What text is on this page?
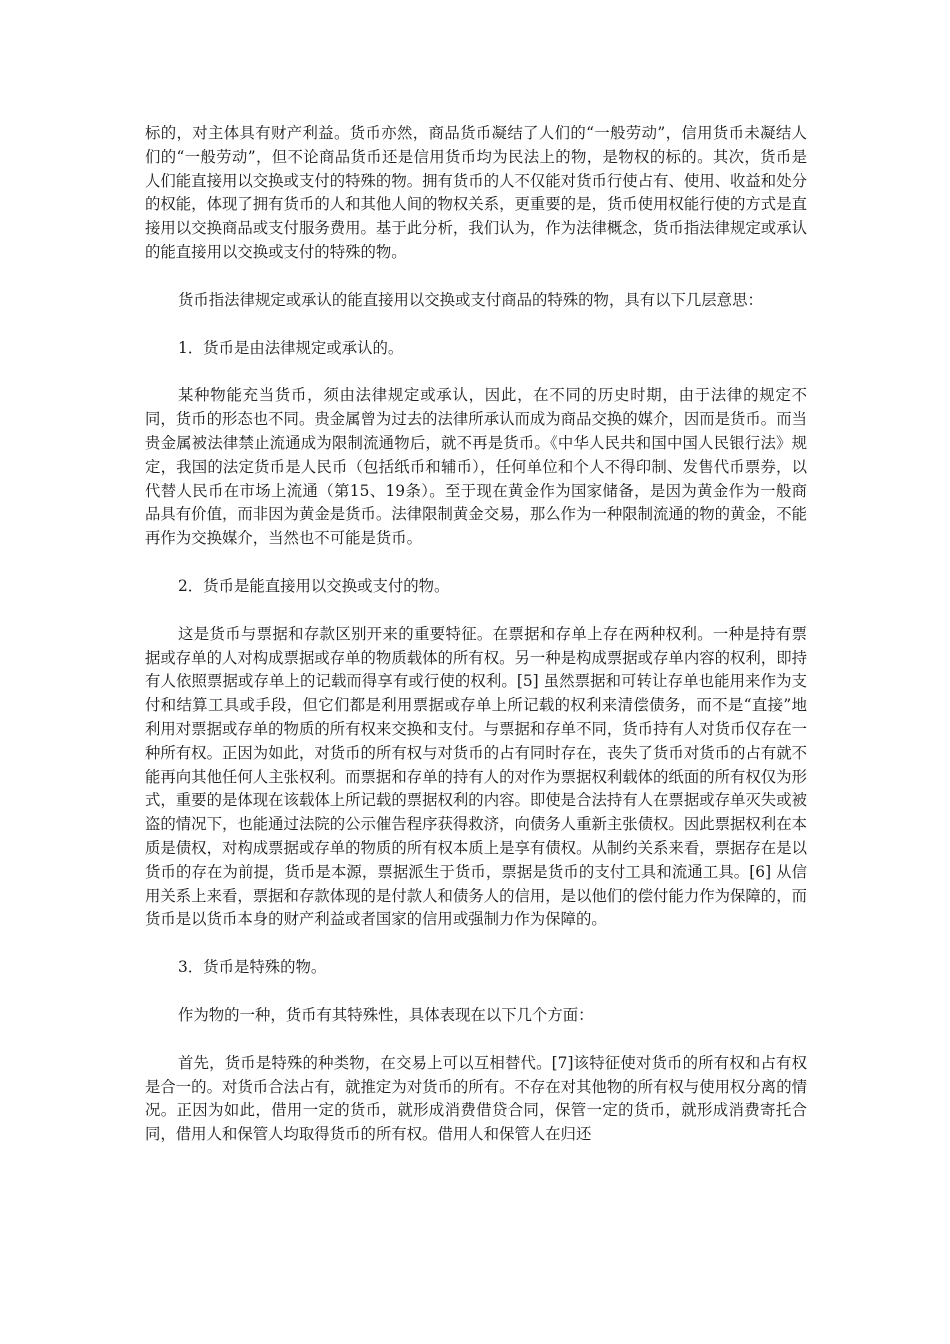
标的，对主体具有财产利益。货币亦然，商品货币凝结了人们的“一般劳动”，信用货币未凝结人们的“一般劳动”，但不论商品货币还是信用货币均为民法上的物，是物权的标的。其次，货币是人们能直接用以交换或支付的特殊的物。拥有货币的人不仅能对货币行使占有、使用、收益和处分的权能，体现了拥有货币的人和其他人间的物权关系，更重要的是，货币使用权能行使的方式是直接用以交换商品或支付服务费用。基于此分析，我们认为，作为法律概念，货币指法律规定或承认的能直接用以交换或支付的特殊的物。

货币指法律规定或承认的能直接用以交换或支付商品的特殊的物，具有以下几层意思：

1．货币是由法律规定或承认的。

某种物能充当货币，须由法律规定或承认，因此，在不同的历史时期，由于法律的规定不同，货币的形态也不同。贵金属曾为过去的法律所承认而成为商品交换的媒介，因而是货币。而当贵金属被法律禁止流通成为限制流通物后，就不再是货币。《中华人民共和国中国人民银行法》规定，我国的法定货币是人民币（包括纸币和辅币），任何单位和个人不得印制、发售代币票券，以代替人民币在市场上流通（第15、19条）。至于现在黄金作为国家储备，是因为黄金作为一般商品具有价值，而非因为黄金是货币。法律限制黄金交易，那么作为一种限制流通的物的黄金，不能再作为交换媒介，当然也不可能是货币。

2．货币是能直接用以交换或支付的物。

这是货币与票据和存款区别开来的重要特征。在票据和存单上存在两种权利。一种是持有票据或存单的人对构成票据或存单的物质载体的所有权。另一种是构成票据或存单内容的权利，即持有人依照票据或存单上的记载而得享有或行使的权利。[5] 虽然票据和可转让存单也能用来作为支付和结算工具或手段，但它们都是利用票据或存单上所记载的权利来清偿债务，而不是“直接”地利用对票据或存单的物质的所有权来交换和支付。与票据和存单不同，货币持有人对货币仅存在一种所有权。正因为如此，对货币的所有权与对货币的占有同时存在，丧失了货币对货币的占有就不能再向其他任何人主张权利。而票据和存单的持有人的对作为票据权利载体的纸面的所有权仅为形式，重要的是体现在该载体上所记载的票据权利的内容。即使是合法持有人在票据或存单灭失或被盗的情况下，也能通过法院的公示催告程序获得救济，向债务人重新主张债权。因此票据权利在本质是债权，对构成票据或存单的物质的所有权本质上是享有债权。从制约关系来看，票据存在是以货币的存在为前提，货币是本源，票据派生于货币，票据是货币的支付工具和流通工具。[6] 从信用关系上来看，票据和存款体现的是付款人和债务人的信用，是以他们的偿付能力作为保障的，而货币是以货币本身的财产利益或者国家的信用或强制力作为保障的。

3．货币是特殊的物。

作为物的一种，货币有其特殊性，具体表现在以下几个方面：

首先，货币是特殊的种类物，在交易上可以互相替代。[7]该特征使对货币的所有权和占有权是合一的。对货币合法占有，就推定为对货币的所有。不存在对其他物的所有权与使用权分离的情况。正因为如此，借用一定的货币，就形成消费借贷合同，保管一定的货币，就形成消费寄托合同，借用人和保管人均取得货币的所有权。借用人和保管人在归还
